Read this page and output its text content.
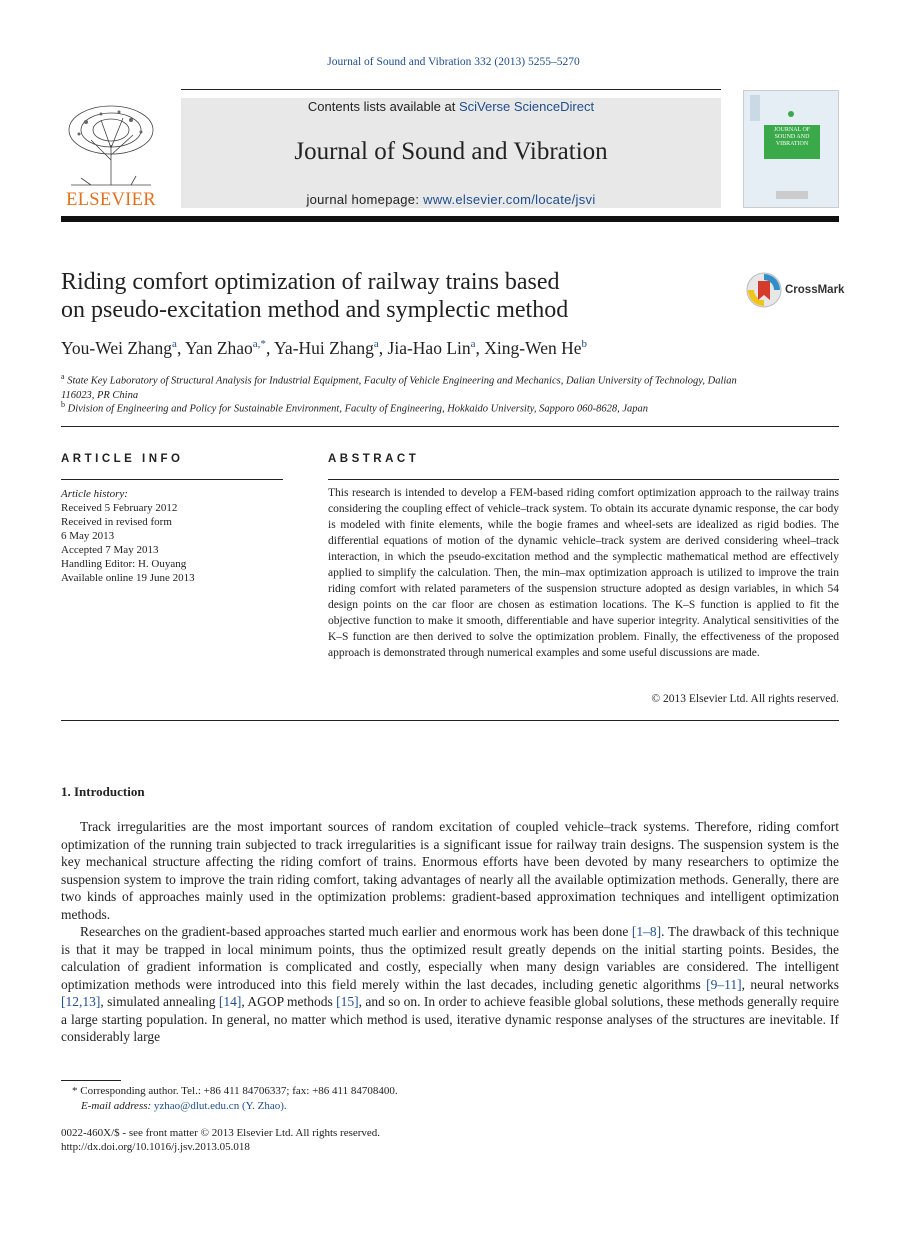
Journal of Sound and Vibration 332 (2013) 5255–5270
ELSEVIER
Contents lists available at SciVerse ScienceDirect
Journal of Sound and Vibration
journal homepage: www.elsevier.com/locate/jsvi
JOURNAL OF SOUND AND VIBRATION
Riding comfort optimization of railway trains based
on pseudo-excitation method and symplectic method
CrossMark
You-Wei Zhang$^a$, Yan Zhao$^{a,*}$, Ya-Hui Zhang$^a$, Jia-Hao Lin$^a$, Xing-Wen He$^b$
$^a$ State Key Laboratory of Structural Analysis for Industrial Equipment, Faculty of Vehicle Engineering and Mechanics, Dalian University of Technology, Dalian 116023, PR China
$^b$ Division of Engineering and Policy for Sustainable Environment, Faculty of Engineering, Hokkaido University, Sapporo 060-8628, Japan
ARTICLE INFO
Article history:
Received 5 February 2012
Received in revised form
6 May 2013
Accepted 7 May 2013
Handling Editor: H. Ouyang
Available online 19 June 2013
ABSTRACT
This research is intended to develop a FEM-based riding comfort optimization approach to the railway trains considering the coupling effect of vehicle–track system. To obtain its accurate dynamic response, the car body is modeled with finite elements, while the bogie frames and wheel-sets are idealized as rigid bodies. The differential equations of motion of the dynamic vehicle–track system are derived considering wheel–track interaction, in which the pseudo-excitation method and the symplectic mathematical method are effectively applied to simplify the calculation. Then, the min–max optimization approach is utilized to improve the train riding comfort with related parameters of the suspension structure adopted as design variables, in which 54 design points on the car floor are chosen as estimation locations. The K–S function is applied to fit the objective function to make it smooth, differentiable and have superior integrity. Analytical sensitivities of the K–S function are then derived to solve the optimization problem. Finally, the effectiveness of the proposed approach is demonstrated through numerical examples and some useful discussions are made.
© 2013 Elsevier Ltd. All rights reserved.
1. Introduction

Track irregularities are the most important sources of random excitation of coupled vehicle–track systems. Therefore, riding comfort optimization of the running train subjected to track irregularities is a significant issue for railway train designs. The suspension system is the key mechanical structure affecting the riding comfort of trains. Enormous efforts have been devoted by many researchers to optimize the suspension system to improve the train riding comfort, taking advantages of nearly all the available optimization methods. Generally, there are two kinds of approaches mainly used in the optimization problems: gradient-based approximation techniques and intelligent optimization methods.

Researches on the gradient-based approaches started much earlier and enormous work has been done [1–8]. The drawback of this technique is that it may be trapped in local minimum points, thus the optimized result greatly depends on the initial starting points. Besides, the calculation of gradient information is complicated and costly, especially when many design variables are considered. The intelligent optimization methods were introduced into this field merely within the last decades, including genetic algorithms [9–11], neural networks [12,13], simulated annealing [14], AGOP methods [15], and so on. In order to achieve feasible global solutions, these methods generally require a large starting population. In general, no matter which method is used, iterative dynamic response analyses of the structures are inevitable. If considerably large

* Corresponding author. Tel.: +86 411 84706337; fax: +86 411 84708400.
E-mail address: yzhao@dlut.edu.cn (Y. Zhao).
0022-460X/$ - see front matter © 2013 Elsevier Ltd. All rights reserved.
http://dx.doi.org/10.1016/j.jsv.2013.05.018
